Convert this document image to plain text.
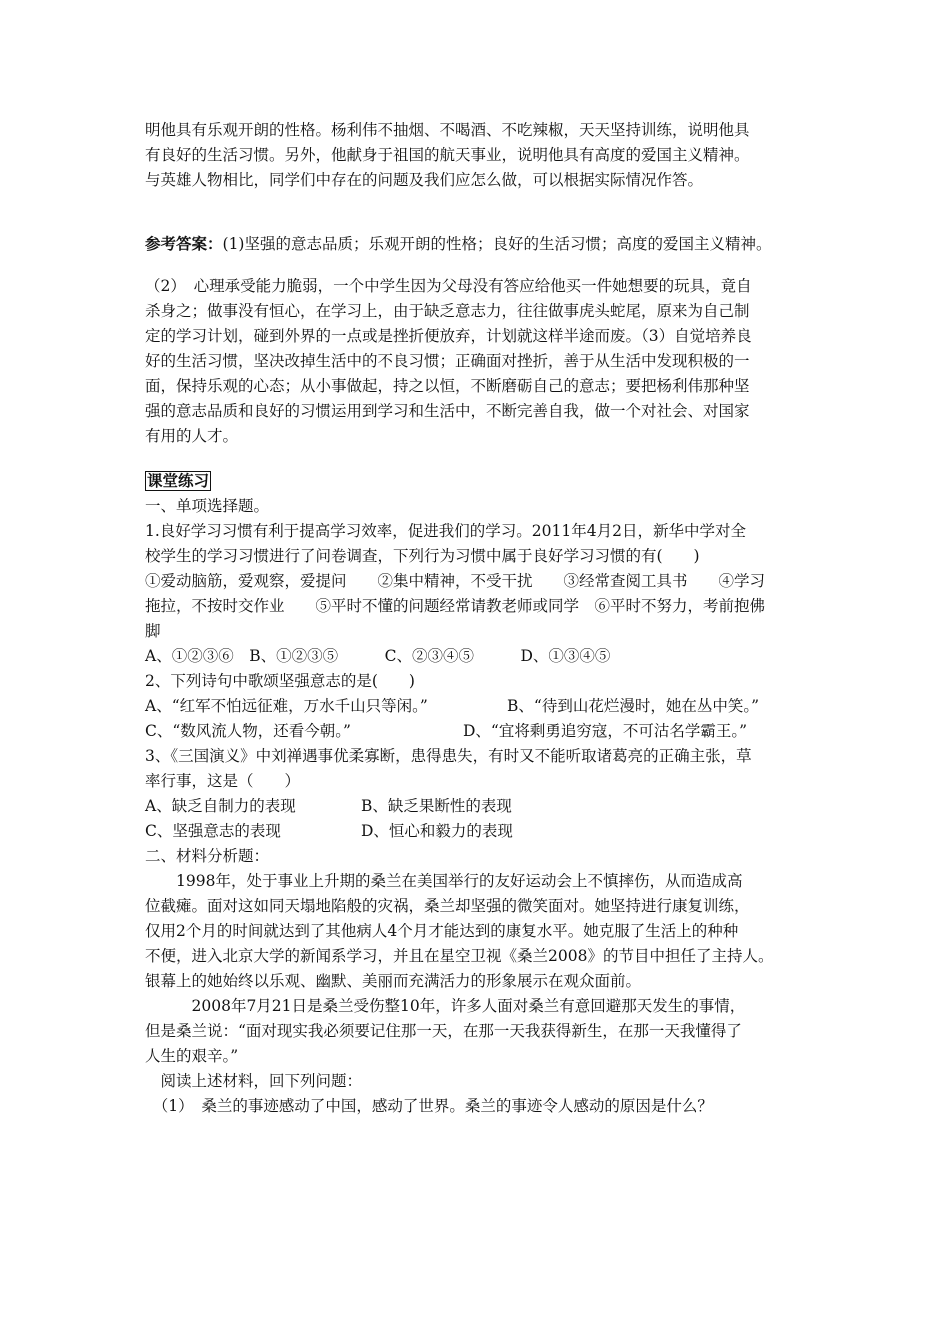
明他具有乐观开朗的性格。杨利伟不抽烟、不喝酒、不吃辣椒，天天坚持训练，说明他具
有良好的生活习惯。另外，他献身于祖国的航天事业，说明他具有高度的爱国主义精神。
与英雄人物相比，同学们中存在的问题及我们应怎么做，可以根据实际情况作答。
参考答案：(1)坚强的意志品质；乐观开朗的性格；良好的生活习惯；高度的爱国主义精神。
（2）　心理承受能力脆弱，一个中学生因为父母没有答应给他买一件她想要的玩具，竟自
杀身之；做事没有恒心，在学习上，由于缺乏意志力，往往做事虎头蛇尾，原来为自己制
定的学习计划，碰到外界的一点或是挫折便放弃，计划就这样半途而废。（3）自觉培养良
好的生活习惯，坚决改掉生活中的不良习惯；正确面对挫折，善于从生活中发现积极的一
面，保持乐观的心态；从小事做起，持之以恒，不断磨砺自己的意志；要把杨利伟那种坚
强的意志品质和良好的习惯运用到学习和生活中，不断完善自我，做一个对社会、对国家
有用的人才。
课堂练习
一、单项选择题。
1.良好学习习惯有利于提高学习效率，促进我们的学习。2011年4月2日，新华中学对全
校学生的学习习惯进行了问卷调查，下列行为习惯中属于良好学习习惯的有(　　)
①爱动脑筋，爱观察，爱提问　　②集中精神，不受干扰　　③经常查阅工具书　　④学习
拖拉，不按时交作业　　⑤平时不懂的问题经常请教老师或同学　⑥平时不努力，考前抱佛
脚
A、①②③⑥　B、①②③⑤　　　C、②③④⑤　　　D、①③④⑤
2、下列诗句中歌颂坚强意志的是(　　)
A、“红军不怕远征难，万水千山只等闲。”	B、“待到山花烂漫时，她在丛中笑。”
C、“数风流人物，还看今朝。”	D、“宜将剩勇追穷寇，不可沽名学霸王。”
3、《三国演义》中刘禅遇事优柔寡断，患得患失，有时又不能听取诸葛亮的正确主张，草
率行事，这是（　　）
A、缺乏自制力的表现	B、缺乏果断性的表现
C、坚强意志的表现	D、恒心和毅力的表现
二、材料分析题：
　　1998年，处于事业上升期的桑兰在美国举行的友好运动会上不慎摔伤，从而造成高
位截瘫。面对这如同天塌地陷般的灾祸，桑兰却坚强的微笑面对。她坚持进行康复训练，
仅用2个月的时间就达到了其他病人4个月才能达到的康复水平。她克服了生活上的种种
不便，进入北京大学的新闻系学习，并且在星空卫视《桑兰2008》的节目中担任了主持人。
银幕上的她始终以乐观、幽默、美丽而充满活力的形象展示在观众面前。
　　　2008年7月21日是桑兰受伤整10年，许多人面对桑兰有意回避那天发生的事情，
但是桑兰说：“面对现实我必须要记住那一天，在那一天我获得新生，在那一天我懂得了
人生的艰辛。”
　阅读上述材料，回下列问题：
　（1）　桑兰的事迹感动了中国，感动了世界。桑兰的事迹令人感动的原因是什么？
